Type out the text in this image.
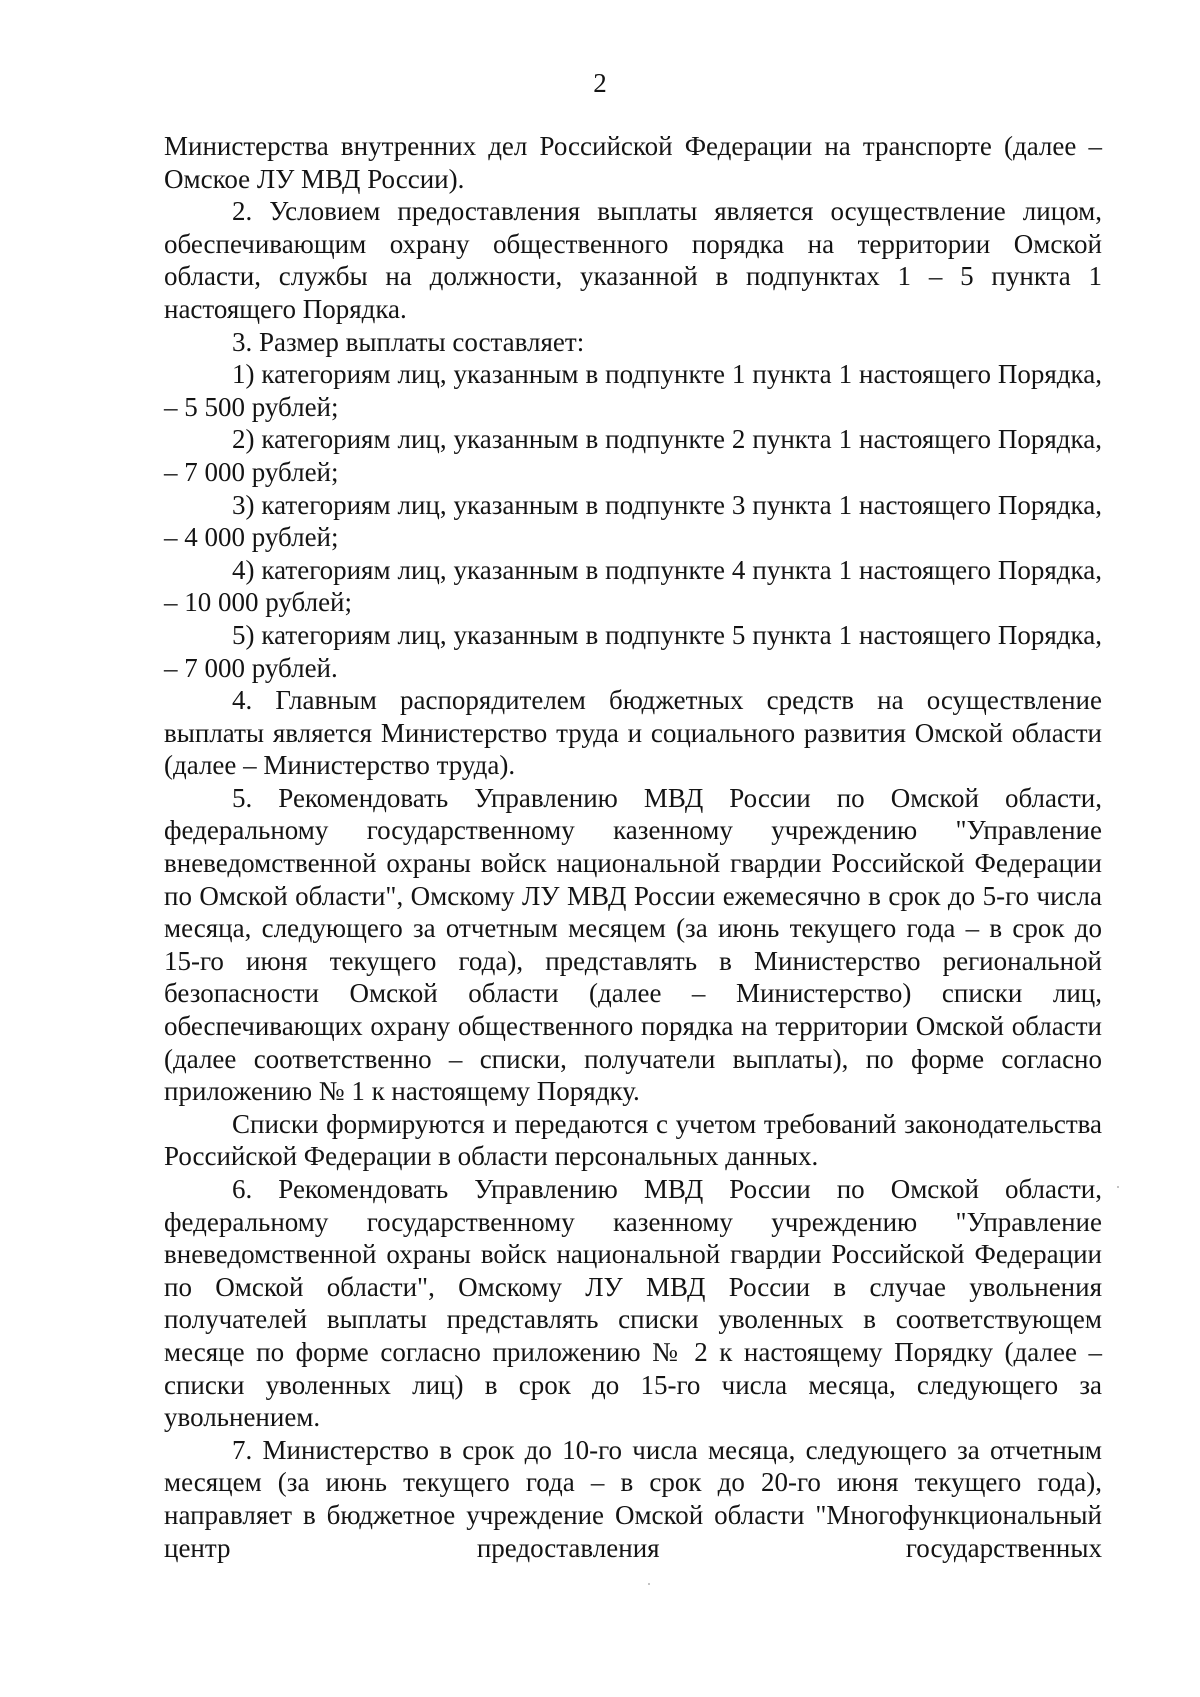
2

Министерства внутренних дел Российской Федерации на транспорте (далее – Омское ЛУ МВД России).

2. Условием предоставления выплаты является осуществление лицом, обеспечивающим охрану общественного порядка на территории Омской области, службы на должности, указанной в подпунктах 1 – 5 пункта 1 настоящего Порядка.

3. Размер выплаты составляет:

1) категориям лиц, указанным в подпункте 1 пункта 1 настоящего Порядка, – 5 500 рублей;

2) категориям лиц, указанным в подпункте 2 пункта 1 настоящего Порядка, – 7 000 рублей;

3) категориям лиц, указанным в подпункте 3 пункта 1 настоящего Порядка, – 4 000 рублей;

4) категориям лиц, указанным в подпункте 4 пункта 1 настоящего Порядка, – 10 000 рублей;

5) категориям лиц, указанным в подпункте 5 пункта 1 настоящего Порядка, – 7 000 рублей.

4. Главным распорядителем бюджетных средств на осуществление выплаты является Министерство труда и социального развития Омской области (далее – Министерство труда).

5. Рекомендовать Управлению МВД России по Омской области, федеральному государственному казенному учреждению "Управление вневедомственной охраны войск национальной гвардии Российской Федерации по Омской области", Омскому ЛУ МВД России ежемесячно в срок до 5-го числа месяца, следующего за отчетным месяцем (за июнь текущего года – в срок до 15-го июня текущего года), представлять в Министерство региональной безопасности Омской области (далее – Министерство) списки лиц, обеспечивающих охрану общественного порядка на территории Омской области (далее соответственно – списки, получатели выплаты), по форме согласно приложению № 1 к настоящему Порядку.

Списки формируются и передаются с учетом требований законодательства Российской Федерации в области персональных данных.

6. Рекомендовать Управлению МВД России по Омской области, федеральному государственному казенному учреждению "Управление вневедомственной охраны войск национальной гвардии Российской Федерации по Омской области", Омскому ЛУ МВД России в случае увольнения получателей выплаты представлять списки уволенных в соответствующем месяце по форме согласно приложению № 2 к настоящему Порядку (далее – списки уволенных лиц) в срок до 15-го числа месяца, следующего за увольнением.

7. Министерство в срок до 10-го числа месяца, следующего за отчетным месяцем (за июнь текущего года – в срок до 20-го июня текущего года), направляет в бюджетное учреждение Омской области "Многофункциональный центр предоставления государственных
